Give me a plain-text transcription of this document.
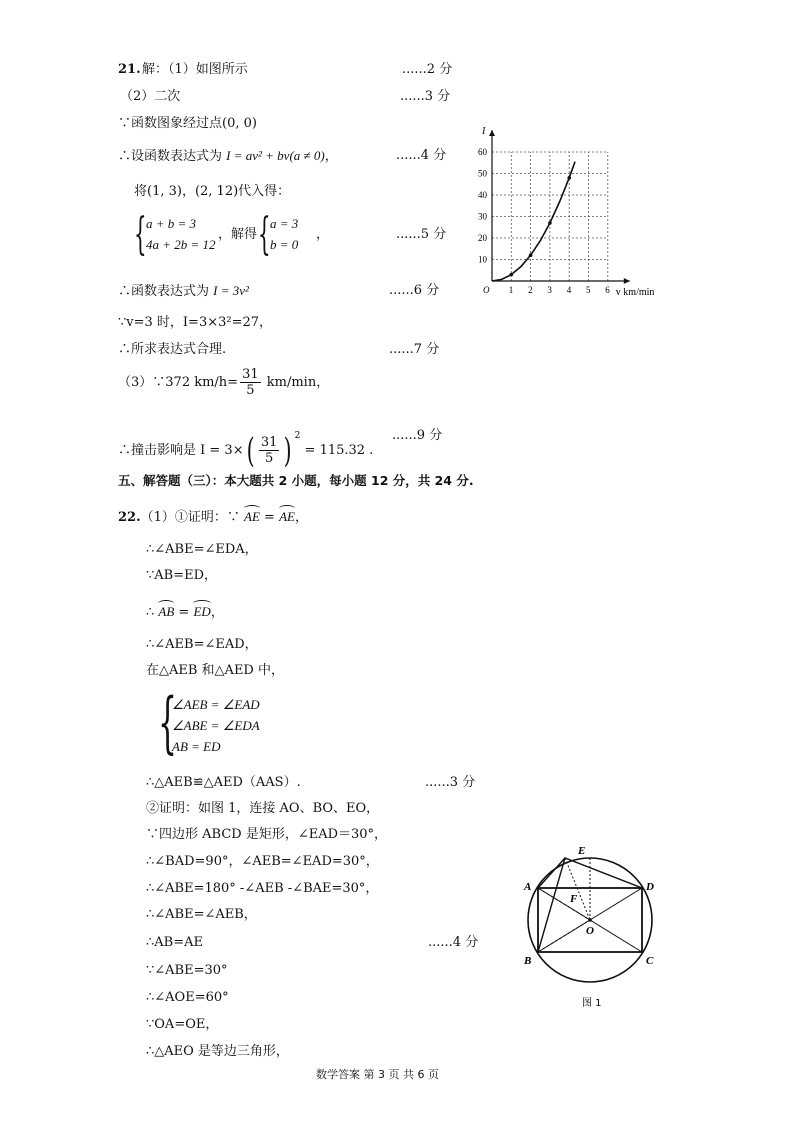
21. 解：（1）如图所示	......2 分
（2）二次	......3 分
∵函数图象经过点(0, 0)
∴设函数表达式为 I = av² + bv(a ≠ 0)，	......4 分
将(1, 3)，(2, 12)代入得：
{ a + b = 3
4a + 2b = 12
，解得 { a = 3
b = 0
，	......5 分
∴函数表达式为 I = 3v²	......6 分
∵v=3 时，I=3×3²=27，
∴所求表达式合理.	......7 分
（3）∵372 $km/h= \frac{31}{5} km/\min$，
∴撞击影响是 $I = 3\times( \frac{31}{5}$ ) $^2$ = 115.32 .
......9 分
1 2 3 4 5 6
10
20
30
40
50
60
O
I
v km/min
五、解答题（三）：本大题共 2 小题，每小题 12 分，共 24 分.
22.（1）①证明：∵ AE = AE，
∴∠ABE=∠EDA，
∵AB=ED，
∴ AB = ED，
∴∠AEB=∠EAD，
在△AEB 和△AED 中，
{
∠AEB = ∠EAD
∠ABE = ∠EDA
AB = ED
∴△AEB≌△AED（AAS）.	......3 分
②证明：如图 1，连接 AO、BO、EO，
∵四边形 ABCD 是矩形，∠EAD＝30°，
∴∠BAD=90°，∠AEB=∠EAD=30°，
∴∠ABE=180° -∠AEB -∠BAE=30°，
∴∠ABE=∠AEB，
∴AB=AE	......4 分
∵∠ABE=30°
∴∠AOE=60°
∵OA=OE，
∴△AEO 是等边三角形，
E
A	D
F
O
B	C
图 1
数学答案 第 3 页 共 6 页
